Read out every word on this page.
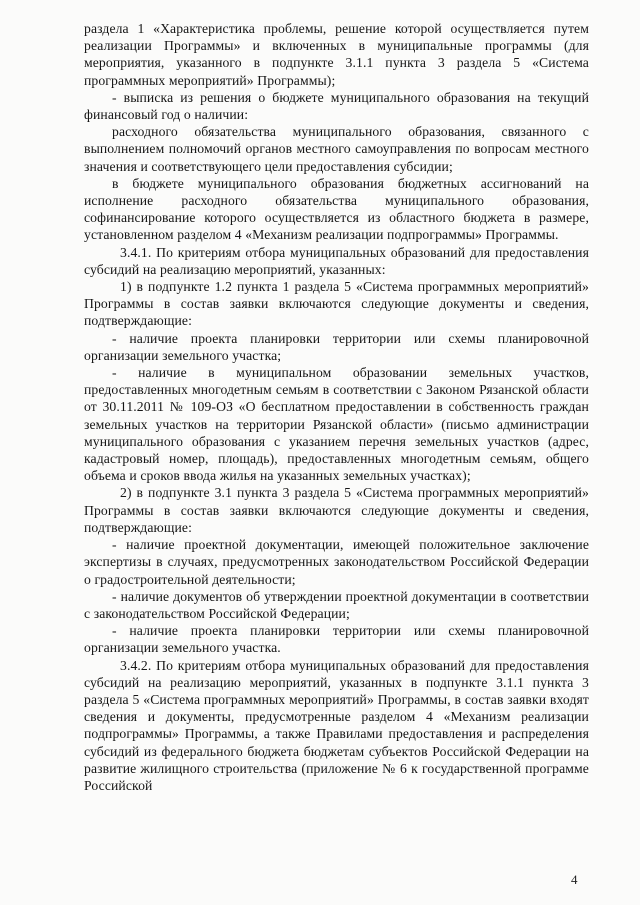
раздела 1 «Характеристика проблемы, решение которой осуществляется путем реализации Программы» и включенных в муниципальные программы (для мероприятия, указанного в подпункте 3.1.1 пункта 3 раздела 5 «Система программных мероприятий» Программы);

- выписка из решения о бюджете муниципального образования на текущий финансовый год о наличии:

расходного обязательства муниципального образования, связанного с выполнением полномочий органов местного самоуправления по вопросам местного значения и соответствующего цели предоставления субсидии;

в бюджете муниципального образования бюджетных ассигнований на исполнение расходного обязательства муниципального образования, софинансирование которого осуществляется из областного бюджета в размере, установленном разделом 4 «Механизм реализации подпрограммы» Программы.

3.4.1. По критериям отбора муниципальных образований для предоставления субсидий на реализацию мероприятий, указанных:

1) в подпункте 1.2 пункта 1 раздела 5 «Система программных мероприятий» Программы в состав заявки включаются следующие документы и сведения, подтверждающие:

- наличие проекта планировки территории или схемы планировочной организации земельного участка;

- наличие в муниципальном образовании земельных участков, предоставленных многодетным семьям в соответствии с Законом Рязанской области от 30.11.2011 № 109-ОЗ «О бесплатном предоставлении в собственность граждан земельных участков на территории Рязанской области» (письмо администрации муниципального образования с указанием перечня земельных участков (адрес, кадастровый номер, площадь), предоставленных многодетным семьям, общего объема и сроков ввода жилья на указанных земельных участках);

2) в подпункте 3.1 пункта 3 раздела 5 «Система программных мероприятий» Программы в состав заявки включаются следующие документы и сведения, подтверждающие:

- наличие проектной документации, имеющей положительное заключение экспертизы в случаях, предусмотренных законодательством Российской Федерации о градостроительной деятельности;

- наличие документов об утверждении проектной документации в соответствии с законодательством Российской Федерации;

- наличие проекта планировки территории или схемы планировочной организации земельного участка.

3.4.2. По критериям отбора муниципальных образований для предоставления субсидий на реализацию мероприятий, указанных в подпункте 3.1.1 пункта 3 раздела 5 «Система программных мероприятий» Программы, в состав заявки входят сведения и документы, предусмотренные разделом 4 «Механизм реализации подпрограммы» Программы, а также Правилами предоставления и распределения субсидий из федерального бюджета бюджетам субъектов Российской Федерации на развитие жилищного строительства (приложение № 6 к государственной программе Российской

4
